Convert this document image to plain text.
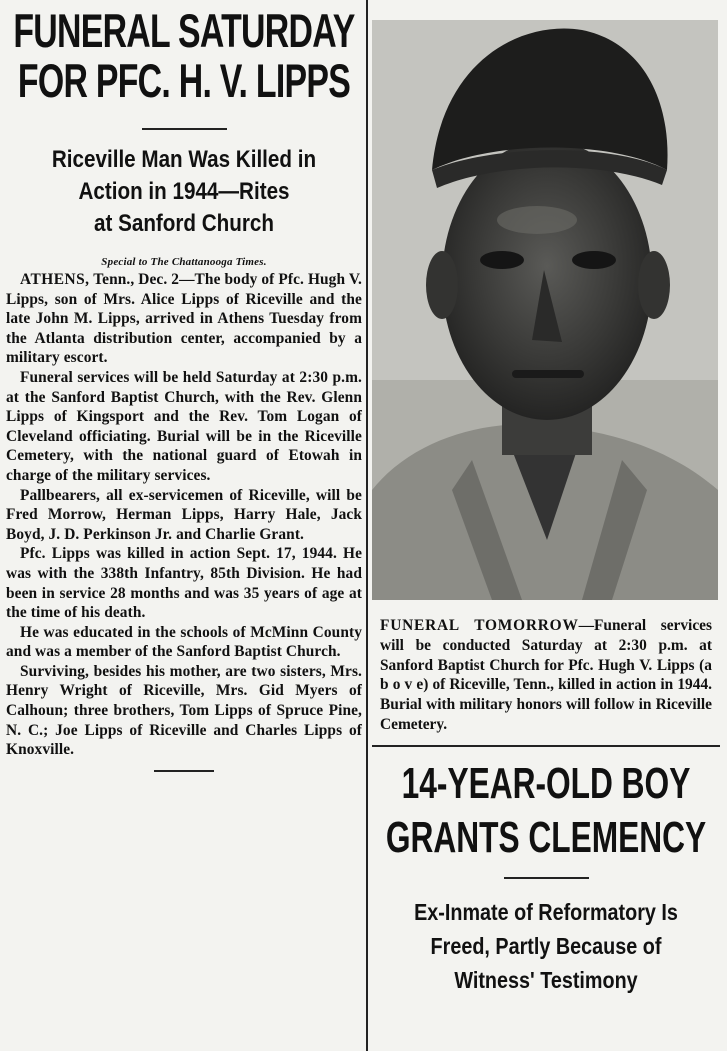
FUNERAL SATURDAY
FOR PFC. H. V. LIPPS
Riceville Man Was Killed in
Action in 1944—Rites
at Sanford Church
Special to The Chattanooga Times.

ATHENS, Tenn., Dec. 2—The body of Pfc. Hugh V. Lipps, son of Mrs. Alice Lipps of Riceville and the late John M. Lipps, arrived in Athens Tuesday from the Atlanta distribution center, accompanied by a military escort.

Funeral services will be held Saturday at 2:30 p.m. at the Sanford Baptist Church, with the Rev. Glenn Lipps of Kingsport and the Rev. Tom Logan of Cleveland officiating. Burial will be in the Riceville Cemetery, with the national guard of Etowah in charge of the military services.

Pallbearers, all ex-servicemen of Riceville, will be Fred Morrow, Herman Lipps, Harry Hale, Jack Boyd, J. D. Perkinson Jr. and Charlie Grant.

Pfc. Lipps was killed in action Sept. 17, 1944. He was with the 338th Infantry, 85th Division. He had been in service 28 months and was 35 years of age at the time of his death.

He was educated in the schools of McMinn County and was a member of the Sanford Baptist Church.

Surviving, besides his mother, are two sisters, Mrs. Henry Wright of Riceville, Mrs. Gid Myers of Calhoun; three brothers, Tom Lipps of Spruce Pine, N. C.; Joe Lipps of Riceville and Charles Lipps of Knoxville.

FUNERAL TOMORROW—Funeral services will be conducted Saturday at 2:30 p.m. at Sanford Baptist Church for Pfc. Hugh V. Lipps (a b o v e) of Riceville, Tenn., killed in action in 1944. Burial with military honors will follow in Riceville Cemetery.
14-YEAR-OLD BOY
GRANTS CLEMENCY
Ex-Inmate of Reformatory Is
Freed, Partly Because of
Witness' Testimony
